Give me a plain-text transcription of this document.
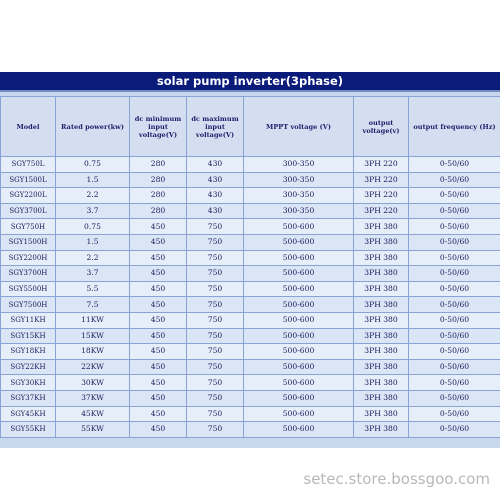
solar pump inverter(3phase)
Model	Rated power(kw)	dc minimum input voltage(V)	dc maximum input voltage(V)	MPPT voltage (V)	output voltage(v)	output frequency (Hz)
SGY750L	0.75	280	430	300-350	3PH 220	0-50/60
SGY1500L	1.5	280	430	300-350	3PH 220	0-50/60
SGY2200L	2.2	280	430	300-350	3PH 220	0-50/60
SGY3700L	3.7	280	430	300-350	3PH 220	0-50/60
SGY750H	0.75	450	750	500-600	3PH 380	0-50/60
SGY1500H	1.5	450	750	500-600	3PH 380	0-50/60
SGY2200H	2.2	450	750	500-600	3PH 380	0-50/60
SGY3700H	3.7	450	750	500-600	3PH 380	0-50/60
SGY5500H	5.5	450	750	500-600	3PH 380	0-50/60
SGY7500H	7.5	450	750	500-600	3PH 380	0-50/60
SGY11KH	11KW	450	750	500-600	3PH 380	0-50/60
SGY15KH	15KW	450	750	500-600	3PH 380	0-50/60
SGY18KH	18KW	450	750	500-600	3PH 380	0-50/60
SGY22KH	22KW	450	750	500-600	3PH 380	0-50/60
SGY30KH	30KW	450	750	500-600	3PH 380	0-50/60
SGY37KH	37KW	450	750	500-600	3PH 380	0-50/60
SGY45KH	45KW	450	750	500-600	3PH 380	0-50/60
SGY55KH	55KW	450	750	500-600	3PH 380	0-50/60
setec.store.bossgoo.com
